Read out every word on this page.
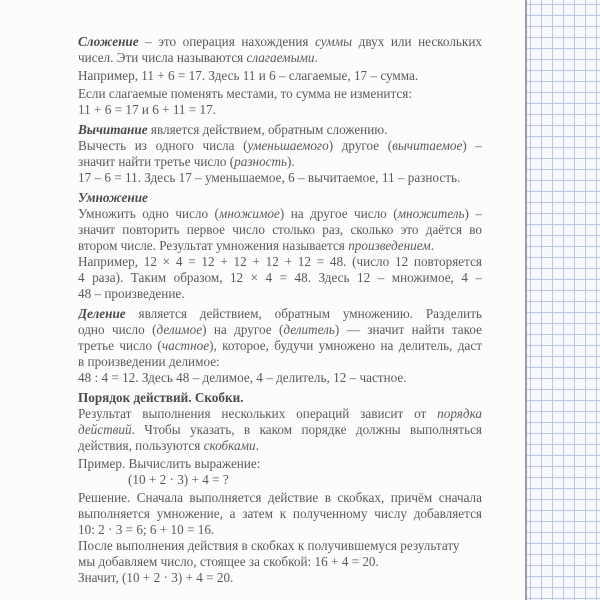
Сложение – это операция нахождения суммы двух или нескольких
чисел. Эти числа называются слагаемыми.
Например, 11 + 6 = 17. Здесь 11 и 6 – слагаемые, 17 – сумма.
Если слагаемые поменять местами, то сумма не изменится:
11 + 6 = 17 и 6 + 11 = 17.
Вычитание является действием, обратным сложению.
Вычесть из одного числа (уменьшаемого) другое (вычитаемое) –
значит найти третье число (разность).
17 – 6 = 11. Здесь 17 – уменьшаемое, 6 – вычитаемое, 11 – разность.
Умножение
Умножить одно число (множимое) на другое число (множитель) –
значит повторить первое число столько раз, сколько это даётся во
втором числе. Результат умножения называется произведением.
Например, 12 × 4 = 12 + 12 + 12 + 12 = 48. (число 12 повторяется
4 раза). Таким образом, 12 × 4 = 48. Здесь 12 – множимое, 4 –
48 – произведение.
Деление является действием, обратным умножению. Разделить
одно число (делимое) на другое (делитель) — значит найти такое
третье число (частное), которое, будучи умножено на делитель, даст
в произведении делимое:
48 : 4 = 12. Здесь 48 – делимое, 4 – делитель, 12 – частное.
Порядок действий. Скобки.
Результат выполнения нескольких операций зависит от порядка
действий. Чтобы указать, в каком порядке должны выполняться
действия, пользуются скобками.
Пример. Вычислить выражение:
(10 + 2 · 3) + 4 = ?
Решение. Сначала выполняется действие в скобках, причём сначала
выполняется умножение, а затем к полученному числу добавляется
10: 2 · 3 = 6; 6 + 10 = 16.
После выполнения действия в скобках к получившемуся результату
мы добавляем число, стоящее за скобкой: 16 + 4 = 20.
Значит, (10 + 2 · 3) + 4 = 20.
